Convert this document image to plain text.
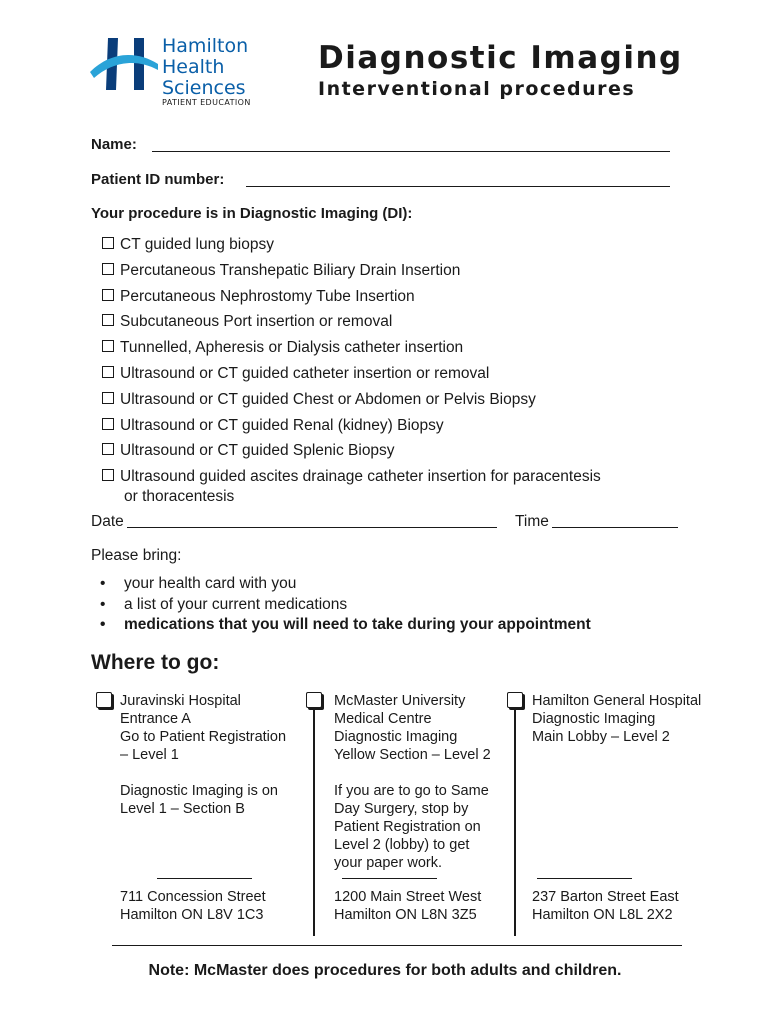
Hamilton
Health
Sciences
PATIENT EDUCATION
Diagnostic Imaging
Interventional procedures
Name:
Patient ID number:
Your procedure is in Diagnostic Imaging (DI):
CT guided lung biopsy
Percutaneous Transhepatic Biliary Drain Insertion
Percutaneous Nephrostomy Tube Insertion
Subcutaneous Port insertion or removal
Tunnelled, Apheresis or Dialysis catheter insertion
Ultrasound or CT guided catheter insertion or removal
Ultrasound or CT guided Chest or Abdomen or Pelvis Biopsy
Ultrasound or CT guided Renal (kidney) Biopsy
Ultrasound or CT guided Splenic Biopsy
Ultrasound guided ascites drainage catheter insertion for paracentesis
or thoracentesis
Date	Time
Please bring:
• your health card with you
• a list of your current medications
• medications that you will need to take during your appointment
Where to go:
Juravinski Hospital
Entrance A
Go to Patient Registration
– Level 1
Diagnostic Imaging is on
Level 1 – Section B
711 Concession Street
Hamilton ON L8V 1C3
McMaster University
Medical Centre
Diagnostic Imaging
Yellow Section – Level 2
If you are to go to Same
Day Surgery, stop by
Patient Registration on
Level 2 (lobby) to get
your paper work.
1200 Main Street West
Hamilton ON L8N 3Z5
Hamilton General Hospital
Diagnostic Imaging
Main Lobby – Level 2
237 Barton Street East
Hamilton ON L8L 2X2
Note: McMaster does procedures for both adults and children.
